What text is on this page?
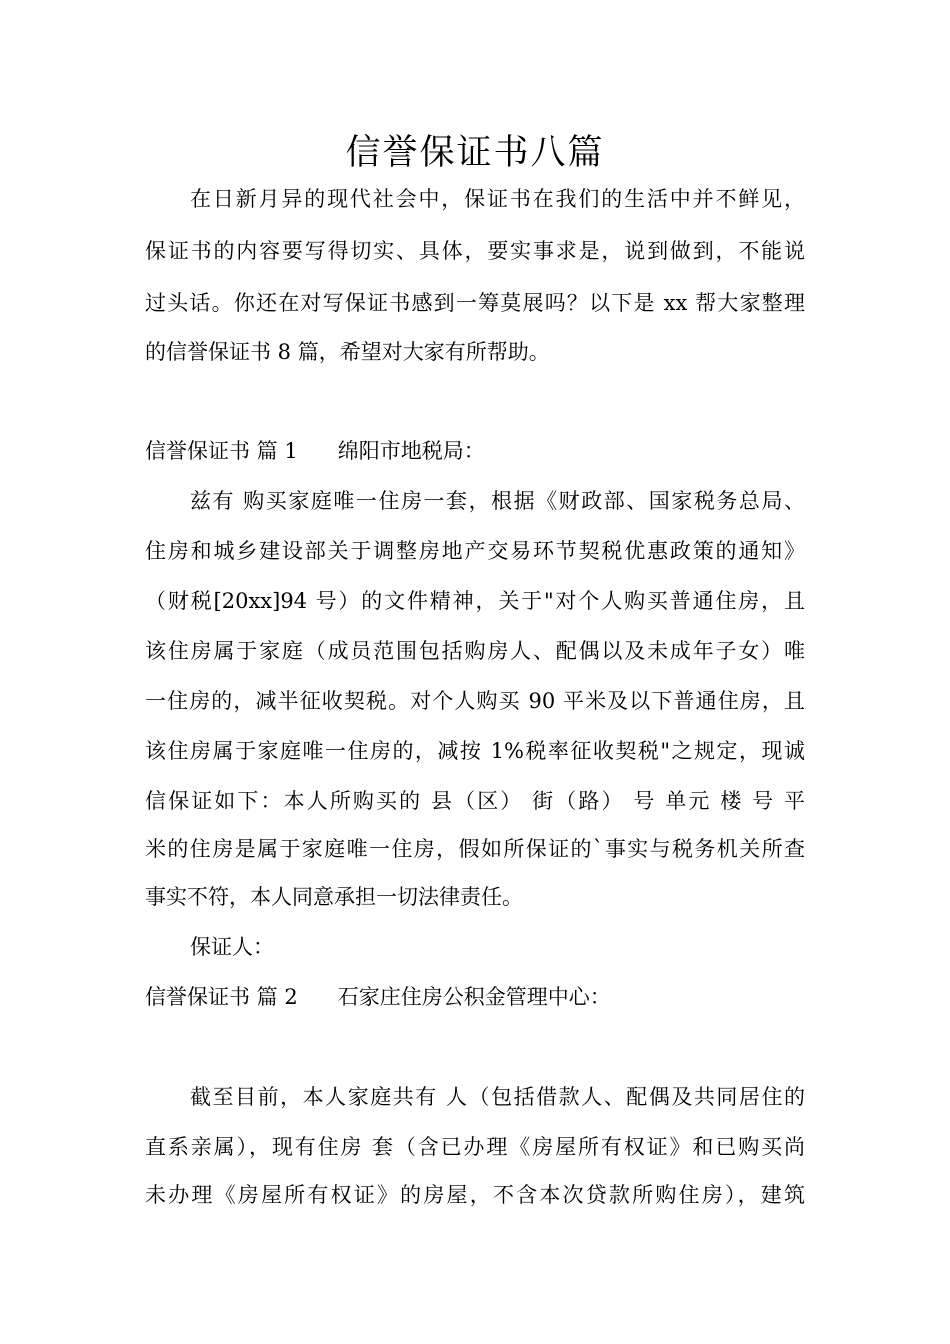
信誉保证书八篇
在日新月异的现代社会中，保证书在我们的生活中并不鲜见，
保证书的内容要写得切实、具体，要实事求是，说到做到，不能说
过头话。你还在对写保证书感到一筹莫展吗？以下是 xx 帮大家整理
的信誉保证书 8 篇，希望对大家有所帮助。
信誉保证书 篇 1 绵阳市地税局：
兹有 购买家庭唯一住房一套，根据《财政部、国家税务总局、
住房和城乡建设部关于调整房地产交易环节契税优惠政策的通知》
（财税[20xx]94 号）的文件精神，关于"对个人购买普通住房，且
该住房属于家庭（成员范围包括购房人、配偶以及未成年子女）唯
一住房的，减半征收契税。对个人购买 90 平米及以下普通住房，且
该住房属于家庭唯一住房的，减按 1%税率征收契税"之规定，现诚
信保证如下：本人所购买的 县（区） 街（路） 号 单元 楼 号 平
米的住房是属于家庭唯一住房，假如所保证的`事实与税务机关所查
事实不符，本人同意承担一切法律责任。
保证人：
信誉保证书 篇 2 石家庄住房公积金管理中心：
截至目前，本人家庭共有 人（包括借款人、配偶及共同居住的
直系亲属），现有住房 套（含已办理《房屋所有权证》和已购买尚
未办理《房屋所有权证》的房屋，不含本次贷款所购住房），建筑
